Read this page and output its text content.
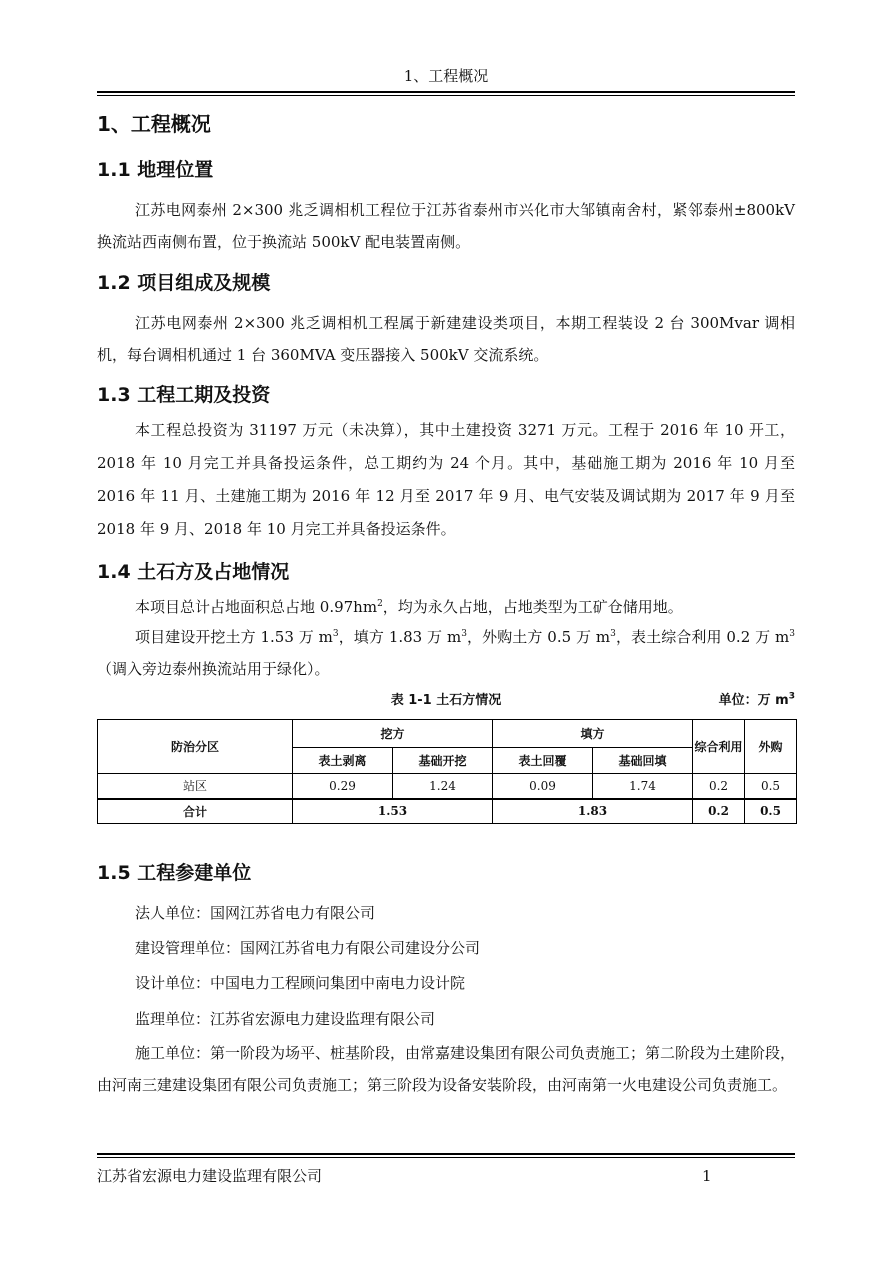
1、工程概况
1、工程概况
1.1 地理位置

江苏电网泰州 2×300 兆乏调相机工程位于江苏省泰州市兴化市大邹镇南舍村，紧邻泰州±800kV 换流站西南侧布置，位于换流站 500kV 配电装置南侧。

1.2 项目组成及规模

江苏电网泰州 2×300 兆乏调相机工程属于新建建设类项目，本期工程装设 2 台 300Mvar 调相机，每台调相机通过 1 台 360MVA 变压器接入 500kV 交流系统。

1.3 工程工期及投资

本工程总投资为 31197 万元（未决算），其中土建投资 3271 万元。工程于 2016 年 10 开工，2018 年 10 月完工并具备投运条件，总工期约为 24 个月。其中，基础施工期为 2016 年 10 月至 2016 年 11 月、土建施工期为 2016 年 12 月至 2017 年 9 月、电气安装及调试期为 2017 年 9 月至 2018 年 9 月、2018 年 10 月完工并具备投运条件。

1.4 土石方及占地情况

本项目总计占地面积总占地 $0.97hm^2$，均为永久占地，占地类型为工矿仓储用地。

项目建设开挖土方 1.53 万 $m^3$，填方 1.83 万 $m^3$，外购土方 0.5 万 $m^3$，表土综合利用 0.2 万 $m^3$（调入旁边泰州换流站用于绿化）。

表 1-1 土石方情况	单位：万 $m^3$
防治分区	挖方		填方		综合利用	外购
	表土剥离	基础开挖	表土回覆	基础回填		
站区	0.29	1.24	0.09	1.74	0.2	0.5
合计	1.53		1.83		0.2	0.5
1.5 工程参建单位

法人单位：国网江苏省电力有限公司

建设管理单位：国网江苏省电力有限公司建设分公司

设计单位：中国电力工程顾问集团中南电力设计院

监理单位：江苏省宏源电力建设监理有限公司

施工单位：第一阶段为场平、桩基阶段，由常嘉建设集团有限公司负责施工；第二阶段为土建阶段，由河南三建建设集团有限公司负责施工；第三阶段为设备安装阶段，由河南第一火电建设公司负责施工。

江苏省宏源电力建设监理有限公司	1
